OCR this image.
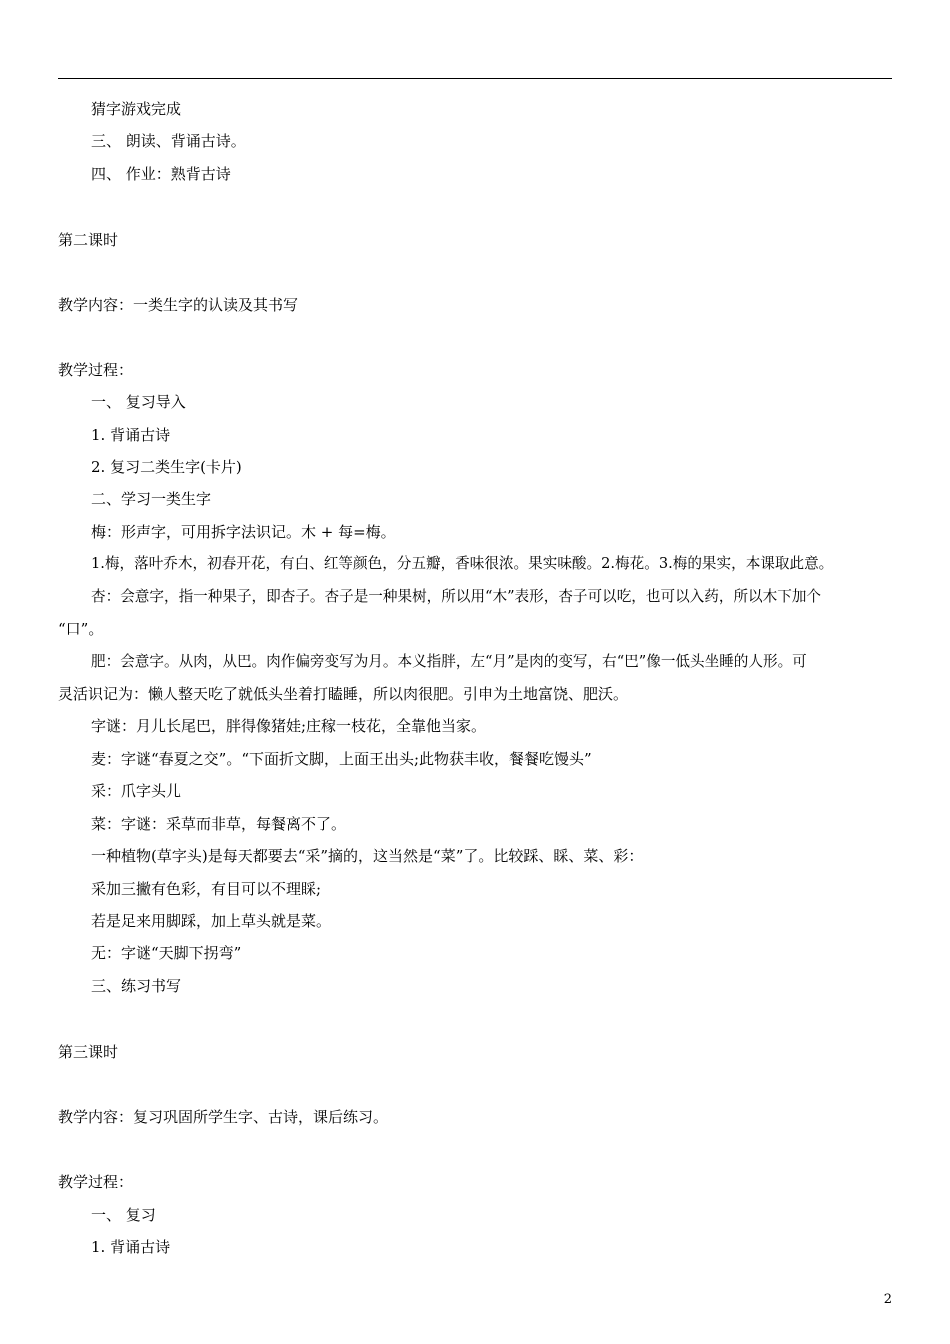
猜字游戏完成
三、 朗读、背诵古诗。
四、 作业：熟背古诗
第二课时
教学内容：一类生字的认读及其书写
教学过程：
一、 复习导入
1. 背诵古诗
2. 复习二类生字(卡片)
二、学习一类生字
梅：形声字，可用拆字法识记。木 + 每=梅。
1.梅，落叶乔木，初春开花，有白、红等颜色，分五瓣，香味很浓。果实味酸。2.梅花。3.梅的果实，本课取此意。
杏：会意字，指一种果子，即杏子。杏子是一种果树，所以用“木”表形，杏子可以吃，也可以入药，所以木下加个
“口”。
肥：会意字。从肉，从巴。肉作偏旁变写为月。本义指胖，左“月”是肉的变写，右“巴”像一低头坐睡的人形。可
灵活识记为：懒人整天吃了就低头坐着打瞌睡，所以肉很肥。引申为土地富饶、肥沃。
字谜：月儿长尾巴，胖得像猪娃;庄稼一枝花，全靠他当家。
麦：字谜“春夏之交”。“下面折文脚，上面王出头;此物获丰收，餐餐吃馒头”
采：爪字头儿
菜：字谜：采草而非草，每餐离不了。
一种植物(草字头)是每天都要去“采”摘的，这当然是“菜”了。比较踩、睬、菜、彩：
采加三撇有色彩，有目可以不理睬;
若是足来用脚踩，加上草头就是菜。
无：字谜“天脚下拐弯”
三、练习书写
第三课时
教学内容：复习巩固所学生字、古诗，课后练习。
教学过程：
一、 复习
1. 背诵古诗
2
